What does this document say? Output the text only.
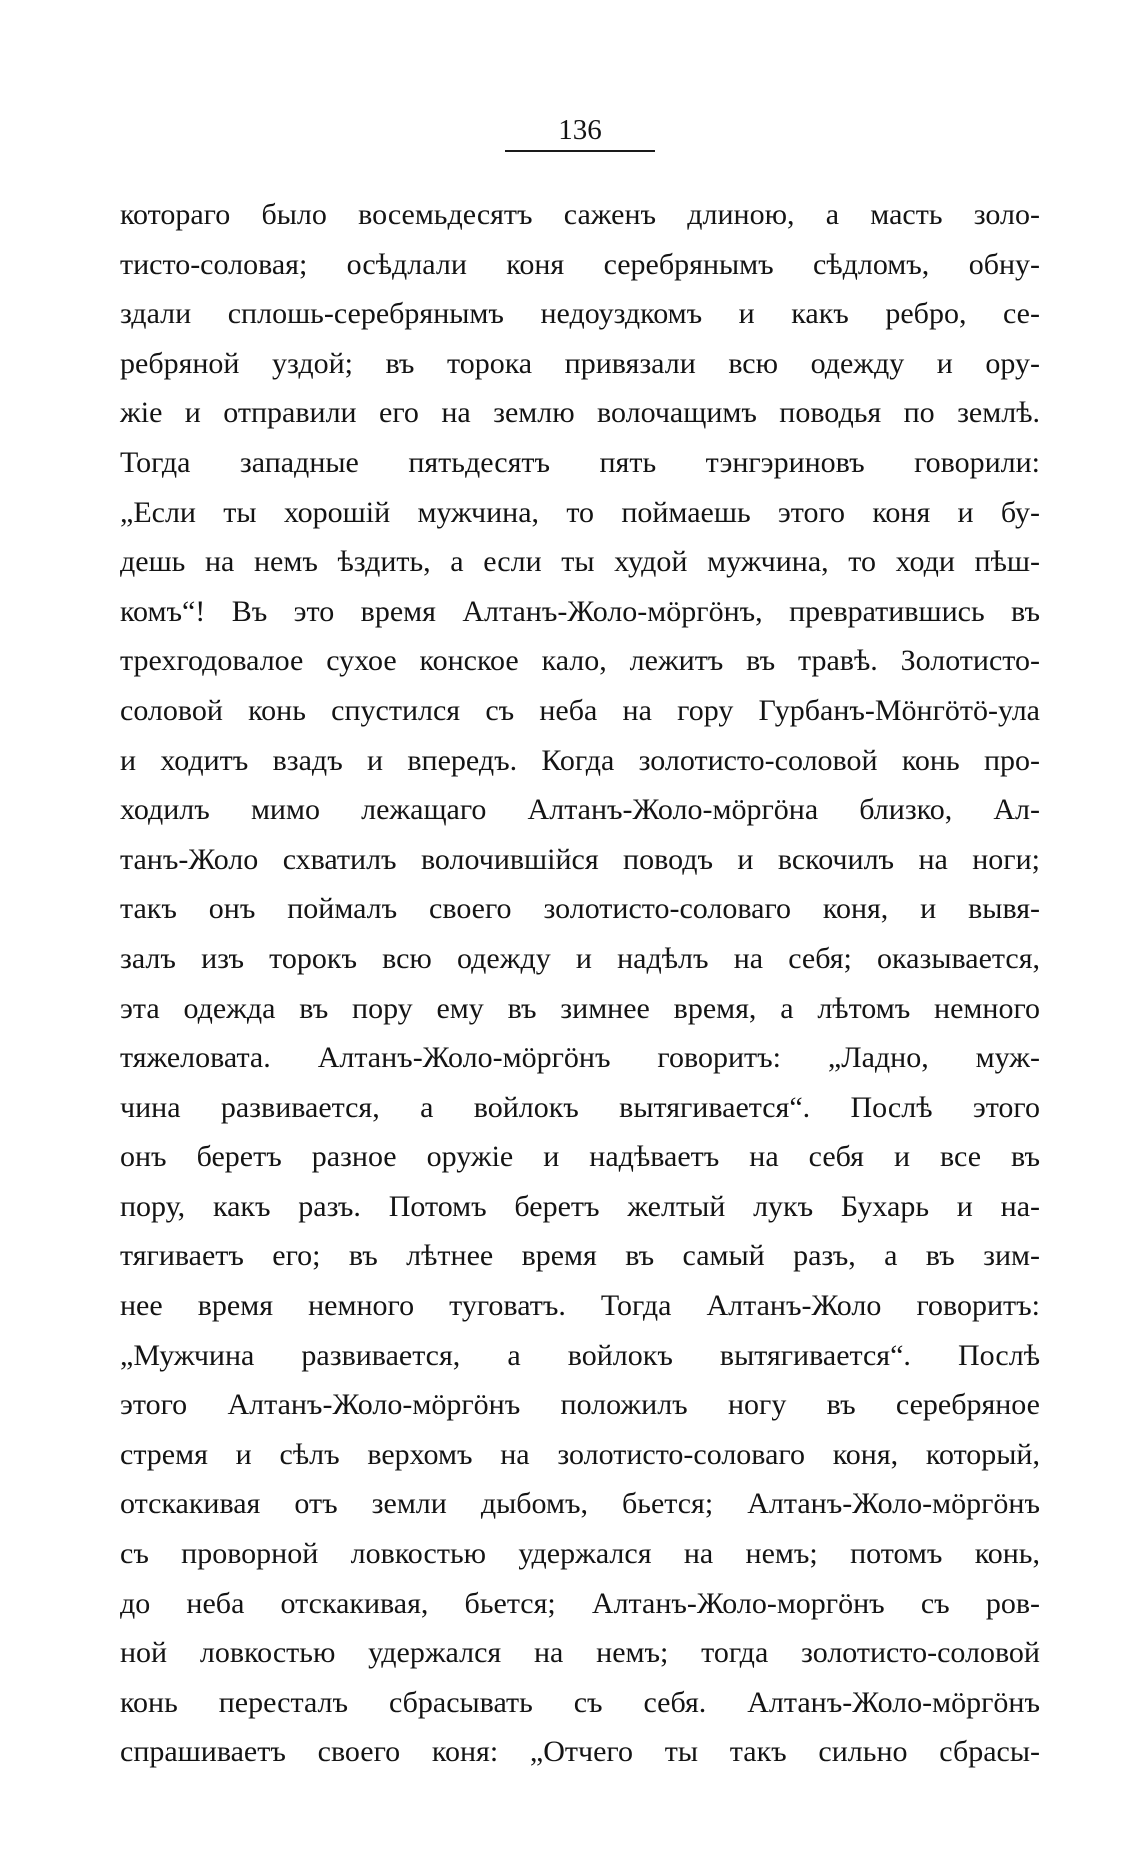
136
котораго было восемьдесятъ саженъ длиною, а масть золо-
тисто-соловая; осѣдлали коня серебрянымъ сѣдломъ, обну-
здали сплошь-серебрянымъ недоуздкомъ и какъ ребро, се-
ребряной уздой; въ торока привязали всю одежду и ору-
жіе и отправили его на землю волочащимъ поводья по землѣ.
Тогда западные пятьдесятъ пять тэнгэриновъ говорили:
„Если ты хорошій мужчина, то поймаешь этого коня и бу-
дешь на немъ ѣздить, а если ты худой мужчина, то ходи пѣш-
комъ“! Въ это время Алтанъ-Жоло-мöргöнъ, превратившись въ
трехгодовалое сухое конское кало, лежитъ въ травѣ. Золотисто-
соловой конь спустился съ неба на гору Гурбанъ-Мöнгöтö-ула
и ходитъ взадъ и впередъ. Когда золотисто-соловой конь про-
ходилъ мимо лежащаго Алтанъ-Жоло-мöргöна близко, Ал-
танъ-Жоло схватилъ волочившійся поводъ и вскочилъ на ноги;
такъ онъ поймалъ своего золотисто-соловаго коня, и вывя-
залъ изъ торокъ всю одежду и надѣлъ на себя; оказывается,
эта одежда въ пору ему въ зимнее время, а лѣтомъ немного
тяжеловата. Алтанъ-Жоло-мöргöнъ говоритъ: „Ладно, муж-
чина развивается, а войлокъ вытягивается“. Послѣ этого
онъ беретъ разное оружіе и надѣваетъ на себя и все въ
пору, какъ разъ. Потомъ беретъ желтый лукъ Бухарь и на-
тягиваетъ его; въ лѣтнее время въ самый разъ, а въ зим-
нее время немного туговатъ. Тогда Алтанъ-Жоло говоритъ:
„Мужчина развивается, а войлокъ вытягивается“. Послѣ
этого Алтанъ-Жоло-мöргöнъ положилъ ногу въ серебряное
стремя и сѣлъ верхомъ на золотисто-соловаго коня, который,
отскакивая отъ земли дыбомъ, бьется; Алтанъ-Жоло-мöргöнъ
съ проворной ловкостью удержался на немъ; потомъ конь,
до неба отскакивая, бьется; Алтанъ-Жоло-моргöнъ съ ров-
ной ловкостью удержался на немъ; тогда золотисто-соловой
конь пересталъ сбрасывать съ себя. Алтанъ-Жоло-мöргöнъ
спрашиваетъ своего коня: „Отчего ты такъ сильно сбрасы-
